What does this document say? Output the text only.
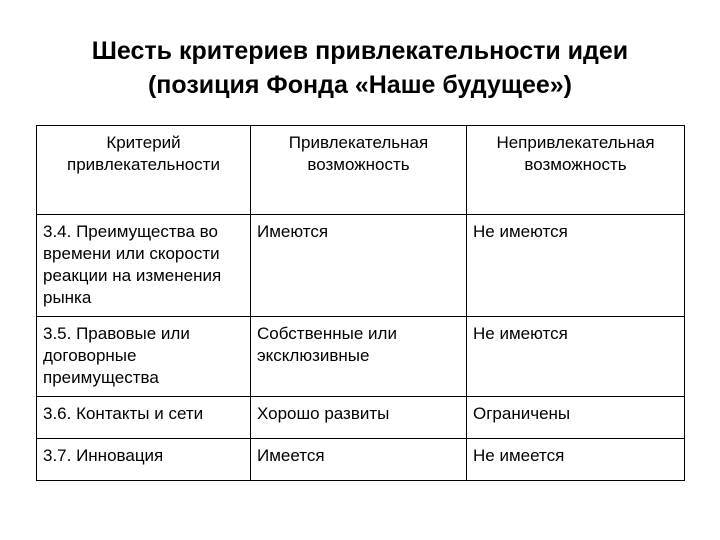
Шесть критериев привлекательности идеи
(позиция Фонда «Наше будущее»)
Критерий привлекательности	Привлекательная возможность	Непривлекательная возможность
3.4. Преимущества во времени или скорости реакции на изменения рынка	Имеются	Не имеются
3.5. Правовые или договорные преимущества	Собственные или эксклюзивные	Не имеются
3.6. Контакты и сети	Хорошо развиты	Ограничены
3.7. Инновация	Имеется	Не имеется
